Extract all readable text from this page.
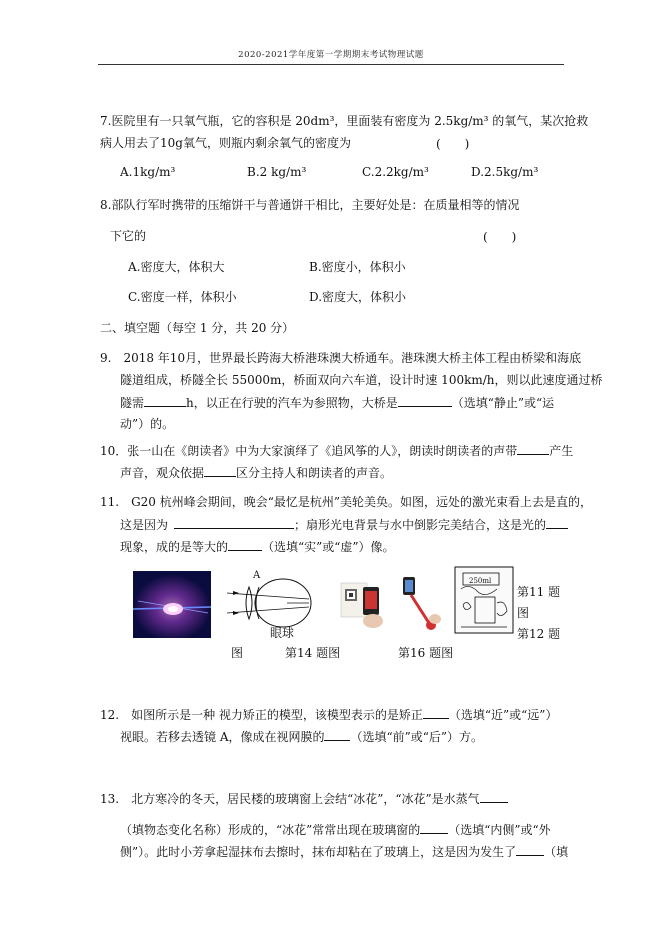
2020-2021学年度第一学期期末考试物理试题
7.医院里有一只氧气瓶，它的容积是 20dm³，里面装有密度为 2.5kg/m³ 的氧气，某次抢救
病人用去了10g氧气，则瓶内剩余氧气的密度为	(　　)
A.1kg/m³	B.2 kg/m³	C.2.2kg/m³	D.2.5kg/m³
8.部队行军时携带的压缩饼干与普通饼干相比，主要好处是：在质量相等的情况
下它的	(　　)
A.密度大，体积大	B.密度小，体积小
C.密度一样，体积小	D.密度大，体积小
二、填空题（每空 1 分，共 20 分）
9.　2018 年10月，世界最长跨海大桥港珠澳大桥通车。港珠澳大桥主体工程由桥梁和海底
隧道组成，桥隧全长 55000m，桥面双向六车道，设计时速 100km/h，则以此速度通过桥
隧需	h，以正在行驶的汽车为参照物，大桥是	（选填“静止”或“运
动”）的。
10．张一山在《朗读者》中为大家演绎了《追风筝的人》，朗读时朗读者的声带	产生
声音，观众依据	区分主持人和朗读者的声音。
11.　G20 杭州峰会期间，晚会“最忆是杭州”美轮美奂。如图，远处的激光束看上去是直的，
这是因为 	；扇形光电背景与水中倒影完美结合，这是光的
现象，成的是等大的	（选填“实”或“虚”）像。
A
眼球
250ml
第11 题
图
第12 题
图	第14 题图	第16 题图
12.　如图所示是一种 视力矫正的模型，该模型表示的是矫正 （选填“近”或“远”）
视眼。若移去透镜 A，像成在视网膜的 （选填“前”或“后”）方。
13.　北方寒冷的冬天，居民楼的玻璃窗上会结“冰花”，“冰花”是水蒸气
（填物态变化名称）形成的，“冰花”常常出现在玻璃窗的 （选填“内侧”或“外
侧”）。此时小芳拿起湿抹布去擦时，抹布却粘在了玻璃上，这是因为发生了 （填
